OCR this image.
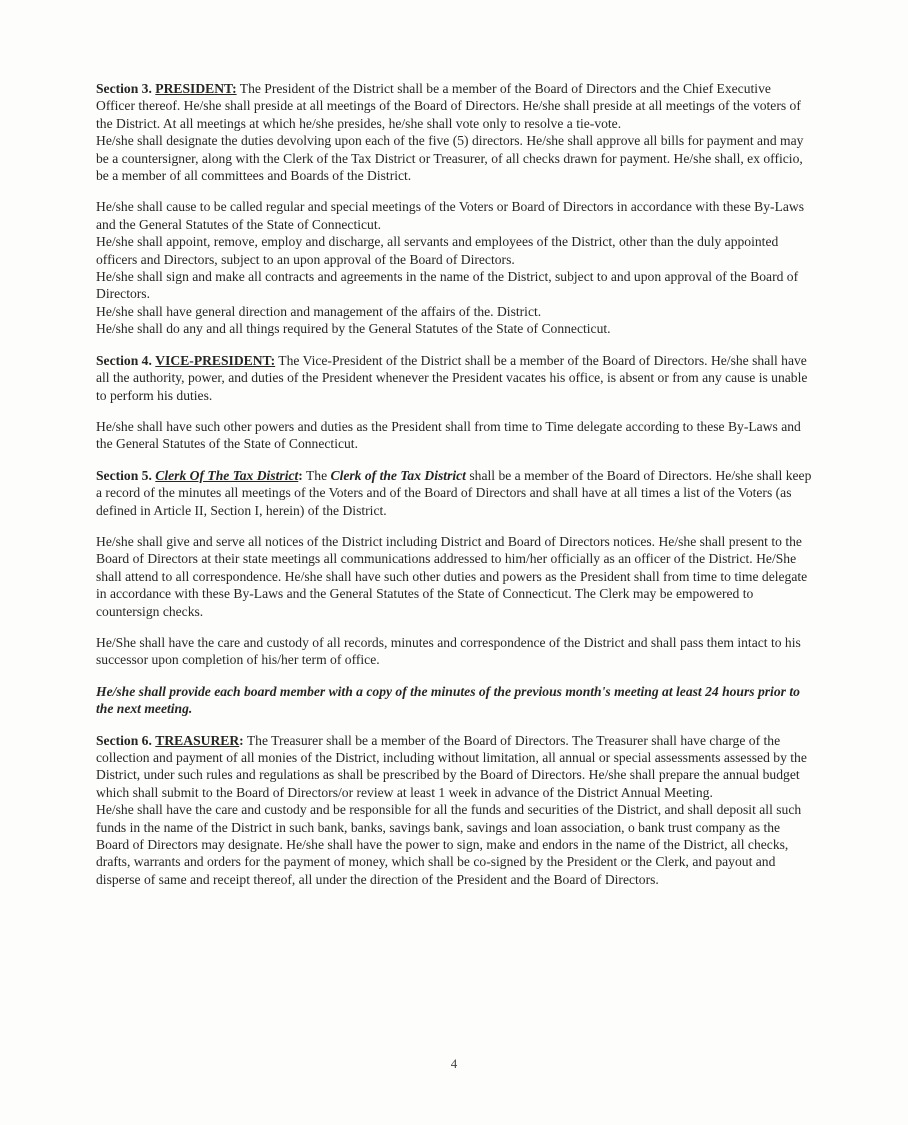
Section 3. PRESIDENT: The President of the District shall be a member of the Board of Directors and the Chief Executive Officer thereof. He/she shall preside at all meetings of the Board of Directors. He/she shall preside at all meetings of the voters of the District. At all meetings at which he/she presides, he/she shall vote only to resolve a tie-vote.

He/she shall designate the duties devolving upon each of the five (5) directors. He/she shall approve all bills for payment and may be a countersigner, along with the Clerk of the Tax District or Treasurer, of all checks drawn for payment. He/she shall, ex officio, be a member of all committees and Boards of the District.

He/she shall cause to be called regular and special meetings of the Voters or Board of Directors in accordance with these By-Laws and the General Statutes of the State of Connecticut.

He/she shall appoint, remove, employ and discharge, all servants and employees of the District, other than the duly appointed officers and Directors, subject to an upon approval of the Board of Directors.

He/she shall sign and make all contracts and agreements in the name of the District, subject to and upon approval of the Board of Directors.

He/she shall have general direction and management of the affairs of the. District.

He/she shall do any and all things required by the General Statutes of the State of Connecticut.

Section 4. VICE-PRESIDENT: The Vice-President of the District shall be a member of the Board of Directors. He/she shall have all the authority, power, and duties of the President whenever the President vacates his office, is absent or from any cause is unable to perform his duties.

He/she shall have such other powers and duties as the President shall from time to Time delegate according to these By-Laws and the General Statutes of the State of Connecticut.

Section 5. Clerk Of The Tax District: The Clerk of the Tax District shall be a member of the Board of Directors. He/she shall keep a record of the minutes all meetings of the Voters and of the Board of Directors and shall have at all times a list of the Voters (as defined in Article II, Section I, herein) of the District.

He/she shall give and serve all notices of the District including District and Board of Directors notices. He/she shall present to the Board of Directors at their state meetings all communications addressed to him/her officially as an officer of the District. He/She shall attend to all correspondence. He/she shall have such other duties and powers as the President shall from time to time delegate in accordance with these By-Laws and the General Statutes of the State of Connecticut. The Clerk may be empowered to countersign checks.

He/She shall have the care and custody of all records, minutes and correspondence of the District and shall pass them intact to his successor upon completion of his/her term of office.

He/she shall provide each board member with a copy of the minutes of the previous month's meeting at least 24 hours prior to the next meeting.

Section 6. TREASURER: The Treasurer shall be a member of the Board of Directors. The Treasurer shall have charge of the collection and payment of all monies of the District, including without limitation, all annual or special assessments assessed by the District, under such rules and regulations as shall be prescribed by the Board of Directors. He/she shall prepare the annual budget which shall submit to the Board of Directors/or review at least 1 week in advance of the District Annual Meeting.

He/she shall have the care and custody and be responsible for all the funds and securities of the District, and shall deposit all such funds in the name of the District in such bank, banks, savings bank, savings and loan association, o bank trust company as the Board of Directors may designate. He/she shall have the power to sign, make and endors in the name of the District, all checks, drafts, warrants and orders for the payment of money, which shall be co-signed by the President or the Clerk, and payout and disperse of same and receipt thereof, all under the direction of the President and the Board of Directors.

4
